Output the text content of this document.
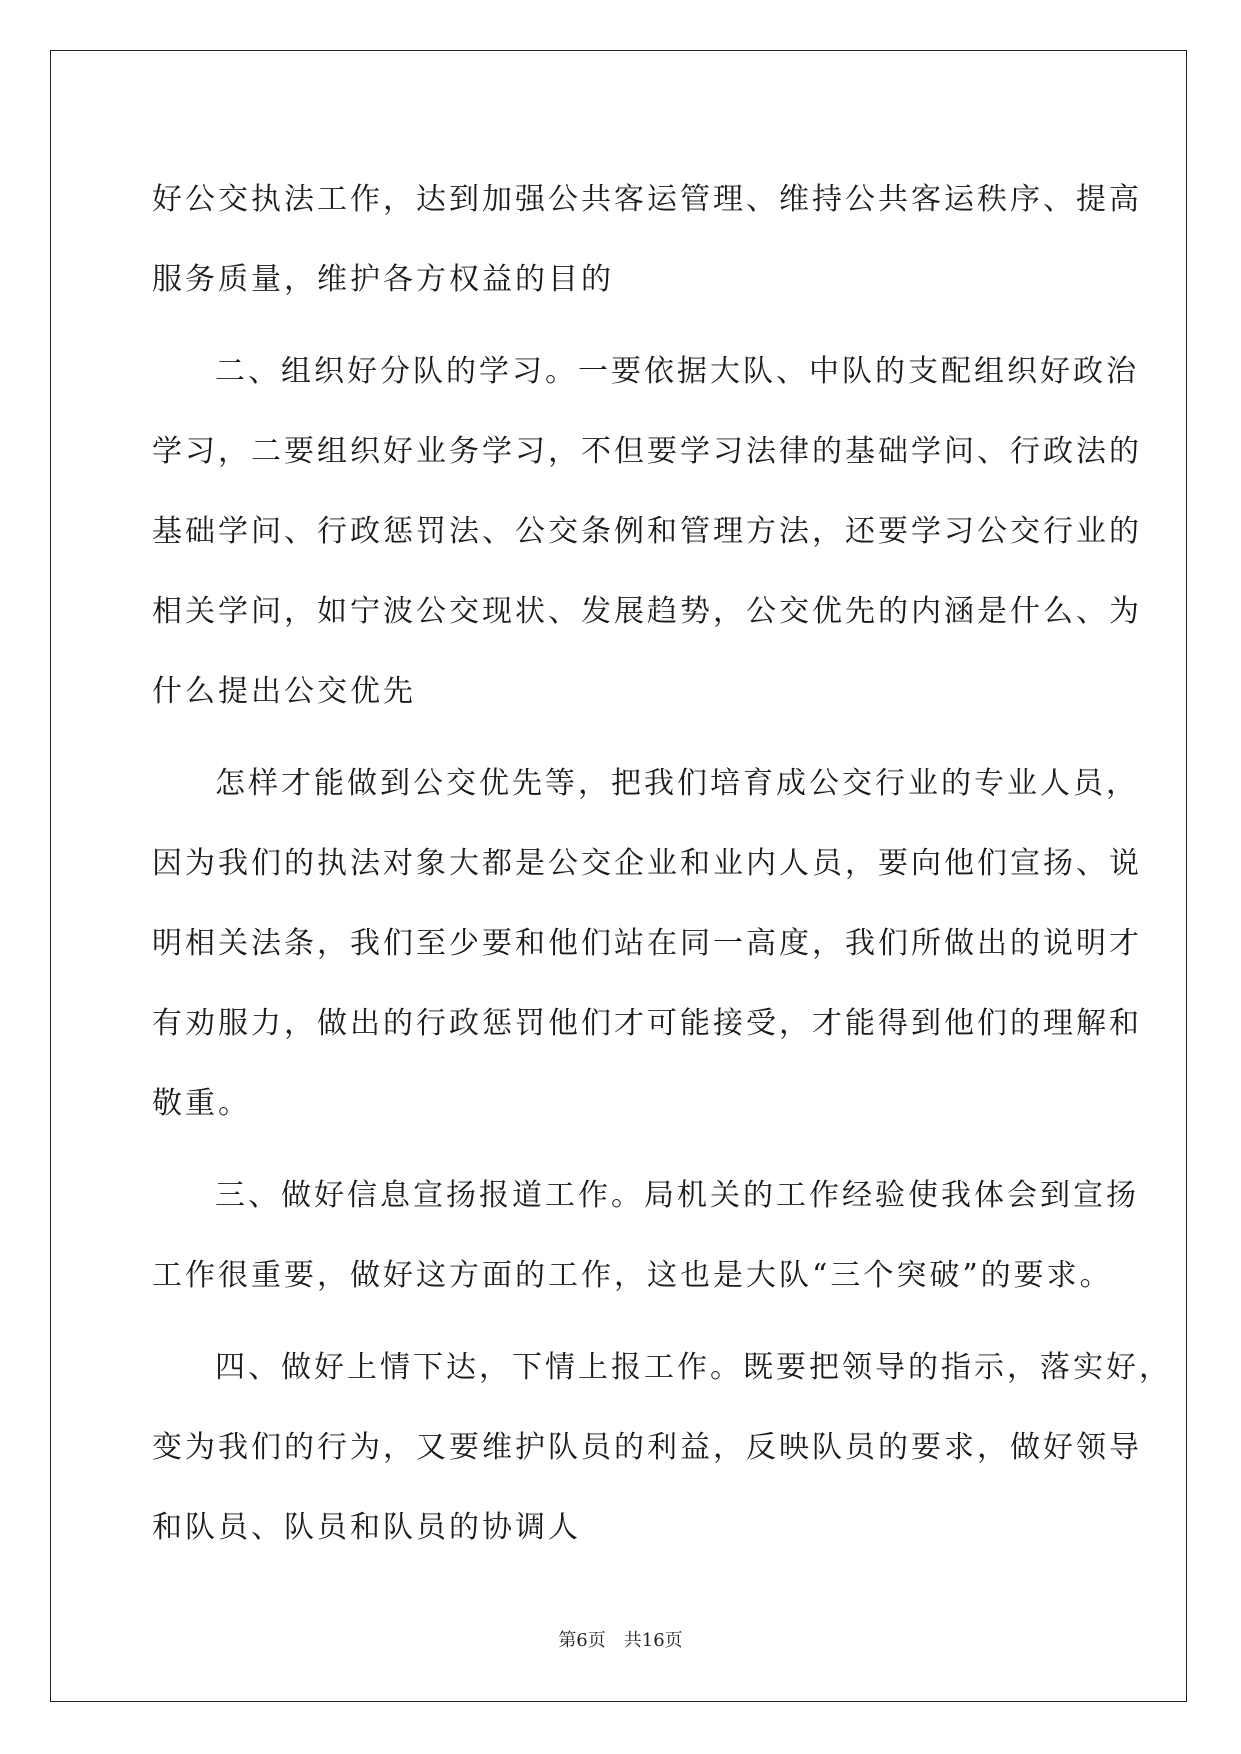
好公交执法工作，达到加强公共客运管理、维持公共客运秩序、提高
服务质量，维护各方权益的目的

二、组织好分队的学习。一要依据大队、中队的支配组织好政治
学习，二要组织好业务学习，不但要学习法律的基础学问、行政法的
基础学问、行政惩罚法、公交条例和管理方法，还要学习公交行业的
相关学问，如宁波公交现状、发展趋势，公交优先的内涵是什么、为
什么提出公交优先

怎样才能做到公交优先等，把我们培育成公交行业的专业人员，
因为我们的执法对象大都是公交企业和业内人员，要向他们宣扬、说
明相关法条，我们至少要和他们站在同一高度，我们所做出的说明才
有劝服力，做出的行政惩罚他们才可能接受，才能得到他们的理解和
敬重。

三、做好信息宣扬报道工作。局机关的工作经验使我体会到宣扬
工作很重要，做好这方面的工作，这也是大队“三个突破”的要求。

四、做好上情下达，下情上报工作。既要把领导的指示，落实好，
变为我们的行为，又要维护队员的利益，反映队员的要求，做好领导
和队员、队员和队员的协调人

第6页　共16页
